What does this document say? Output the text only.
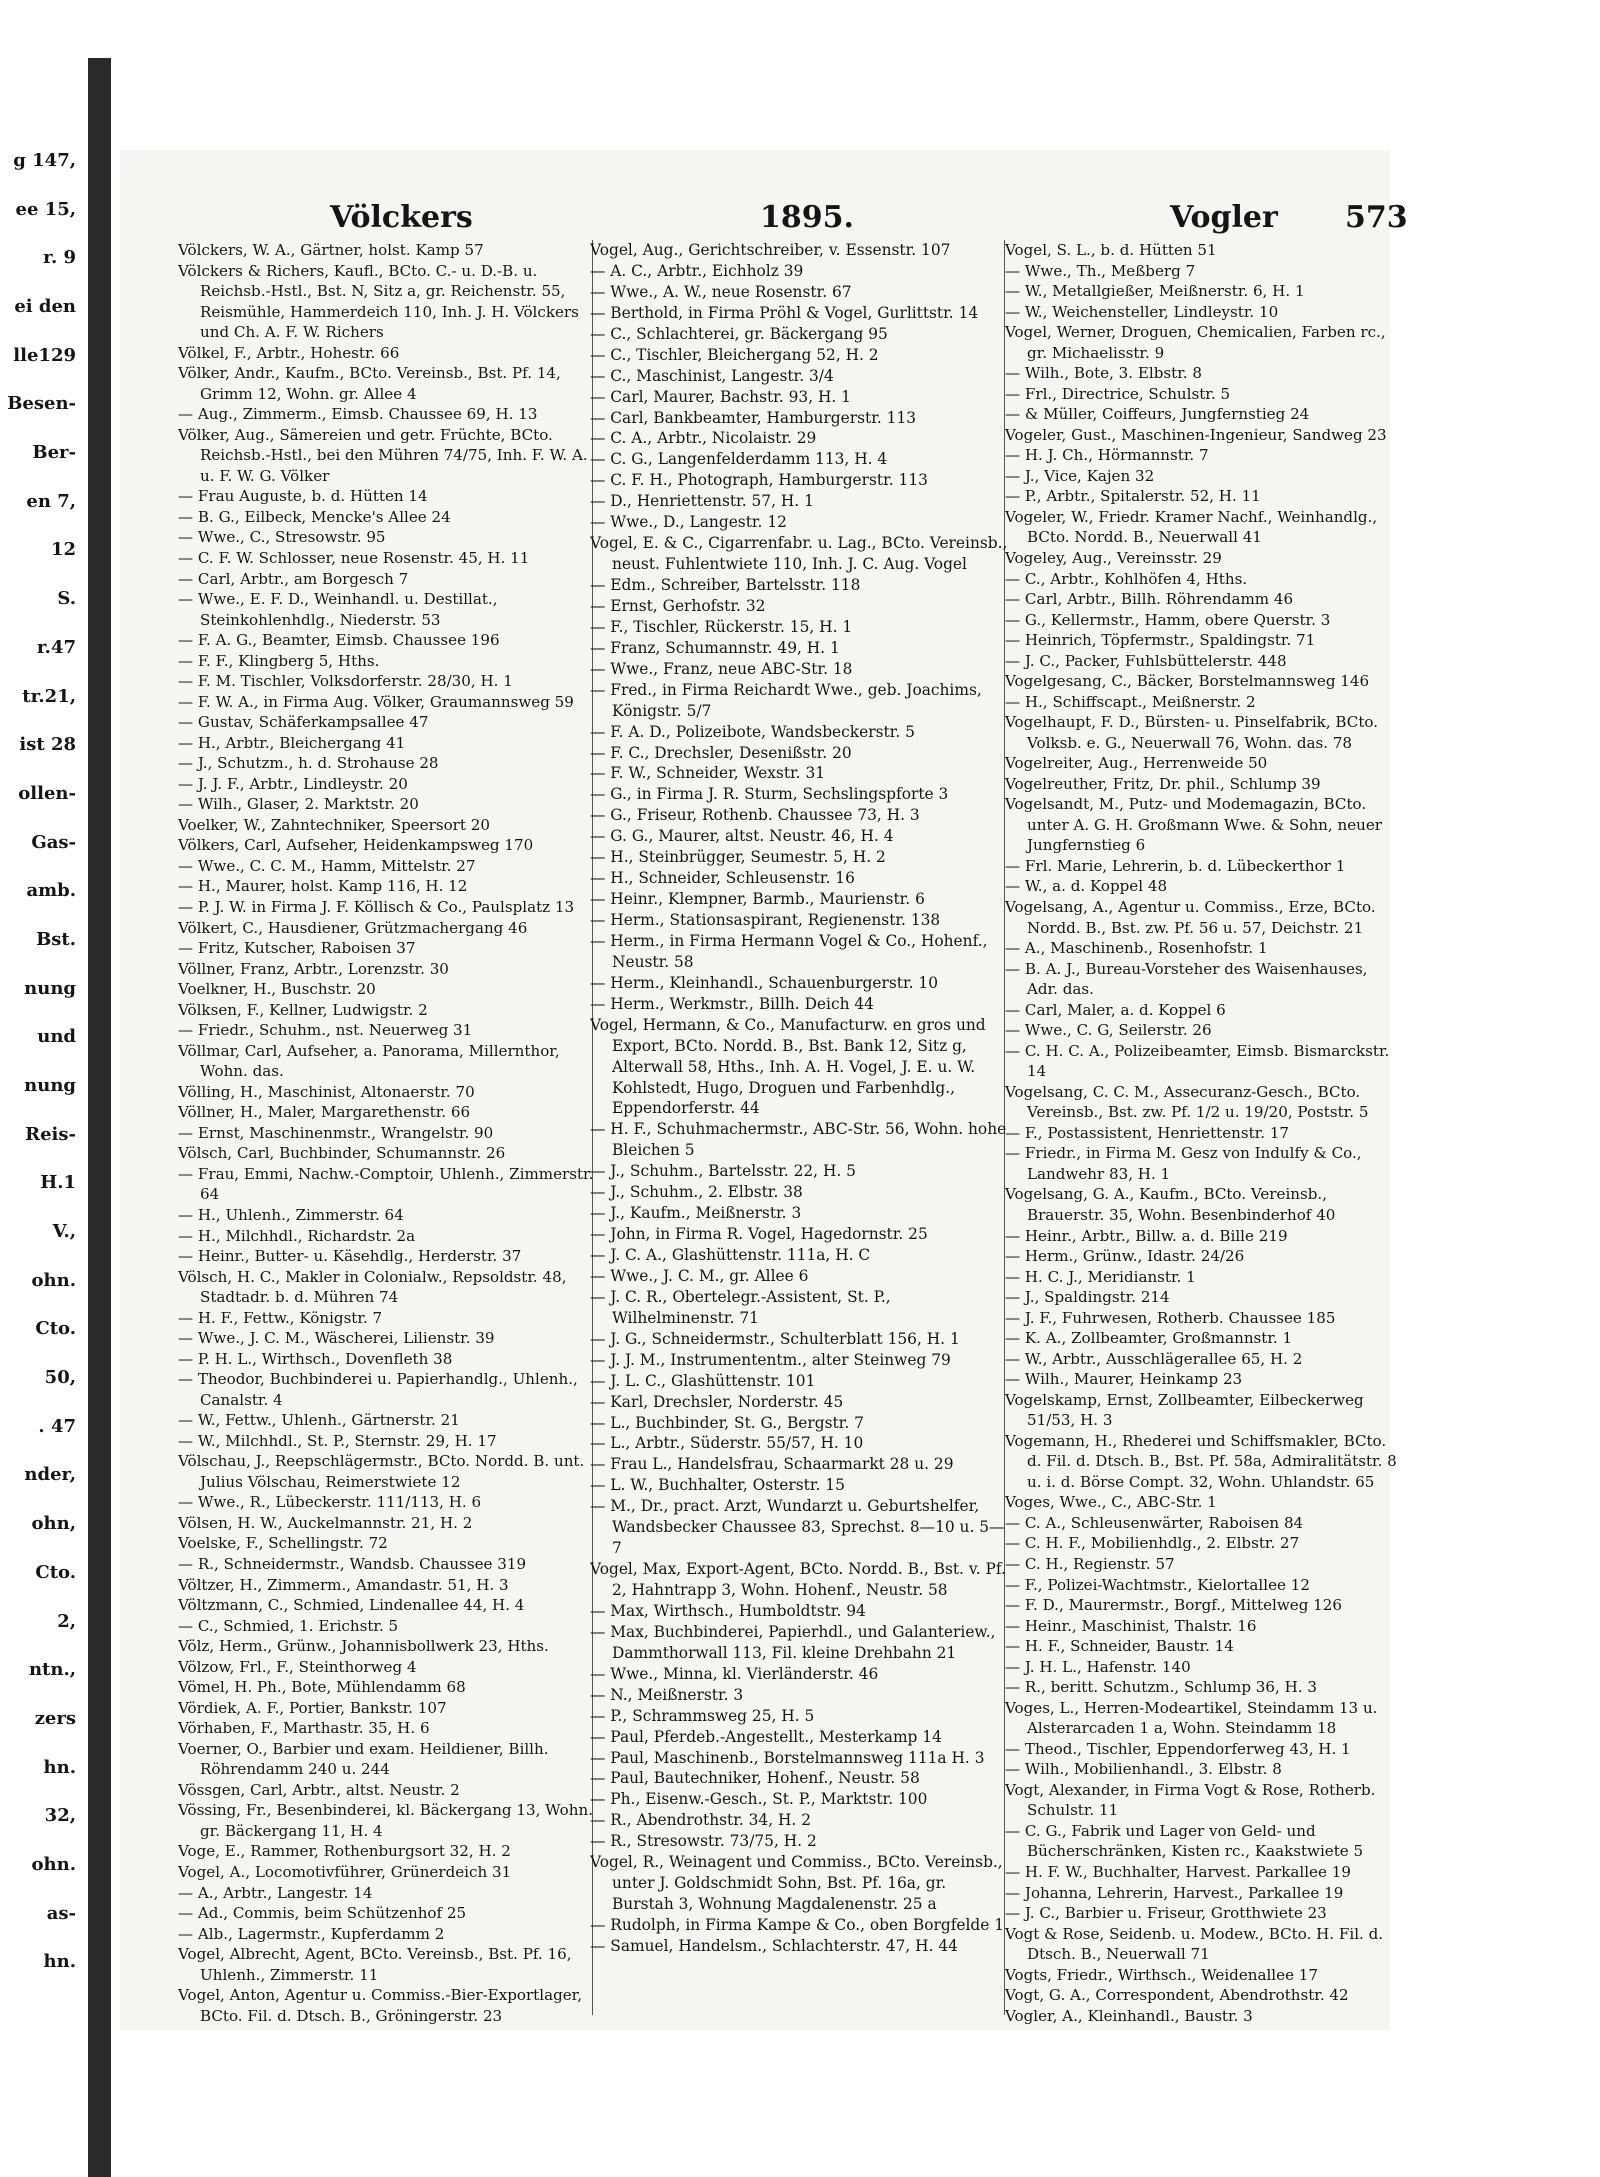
g 147,
ee 15,
r. 9
ei den
lle129
Besen-
Ber-
en 7,
12
S.
r.47
tr.21,
ist 28
ollen-
Gas-
amb.
Bst.
nung
und
nung
Reis-
H.1
V.,
ohn.
Cto.
50,
. 47
nder,
ohn,
Cto.
2,
ntn.,
zers
hn.
32,
ohn.
as-
hn.
Völckers	1895.	Vogler 573

Völckers, W. A., Gärtner, holst. Kamp 57

Völckers & Richers, Kaufl., BCto. C.- u. D.-B. u. Reichsb.-Hstl., Bst. N, Sitz a, gr. Reichenstr. 55, Reismühle, Hammerdeich 110, Inh. J. H. Völckers und Ch. A. F. W. Richers

Völkel, F., Arbtr., Hohestr. 66

Völker, Andr., Kaufm., BCto. Vereinsb., Bst. Pf. 14, Grimm 12, Wohn. gr. Allee 4

— Aug., Zimmerm., Eimsb. Chaussee 69, H. 13

Völker, Aug., Sämereien und getr. Früchte, BCto. Reichsb.-Hstl., bei den Mühren 74/75, Inh. F. W. A. u. F. W. G. Völker

— Frau Auguste, b. d. Hütten 14

— B. G., Eilbeck, Mencke's Allee 24

— Wwe., C., Stresowstr. 95

— C. F. W. Schlosser, neue Rosenstr. 45, H. 11

— Carl, Arbtr., am Borgesch 7

— Wwe., E. F. D., Weinhandl. u. Destillat., Steinkohlenhdlg., Niederstr. 53

— F. A. G., Beamter, Eimsb. Chaussee 196

— F. F., Klingberg 5, Hths.

— F. M. Tischler, Volksdorferstr. 28/30, H. 1

— F. W. A., in Firma Aug. Völker, Graumannsweg 59

— Gustav, Schäferkampsallee 47

— H., Arbtr., Bleichergang 41

— J., Schutzm., h. d. Strohause 28

— J. J. F., Arbtr., Lindleystr. 20

— Wilh., Glaser, 2. Marktstr. 20

Voelker, W., Zahntechniker, Speersort 20

Völkers, Carl, Aufseher, Heidenkampsweg 170

— Wwe., C. C. M., Hamm, Mittelstr. 27

— H., Maurer, holst. Kamp 116, H. 12

— P. J. W. in Firma J. F. Köllisch & Co., Paulsplatz 13

Völkert, C., Hausdiener, Grützmachergang 46

— Fritz, Kutscher, Raboisen 37

Völlner, Franz, Arbtr., Lorenzstr. 30

Voelkner, H., Buschstr. 20

Völksen, F., Kellner, Ludwigstr. 2

— Friedr., Schuhm., nst. Neuerweg 31

Völlmar, Carl, Aufseher, a. Panorama, Millernthor, Wohn. das.

Völling, H., Maschinist, Altonaerstr. 70

Völlner, H., Maler, Margarethenstr. 66

— Ernst, Maschinenmstr., Wrangelstr. 90

Völsch, Carl, Buchbinder, Schumannstr. 26

— Frau, Emmi, Nachw.-Comptoir, Uhlenh., Zimmerstr. 64

— H., Uhlenh., Zimmerstr. 64

— H., Milchhdl., Richardstr. 2a

— Heinr., Butter- u. Käsehdlg., Herderstr. 37

Völsch, H. C., Makler in Colonialw., Repsoldstr. 48, Stadtadr. b. d. Mühren 74

— H. F., Fettw., Königstr. 7

— Wwe., J. C. M., Wäscherei, Lilienstr. 39

— P. H. L., Wirthsch., Dovenfleth 38

— Theodor, Buchbinderei u. Papierhandlg., Uhlenh., Canalstr. 4

— W., Fettw., Uhlenh., Gärtnerstr. 21

— W., Milchhdl., St. P., Sternstr. 29, H. 17

Völschau, J., Reepschlägermstr., BCto. Nordd. B. unt. Julius Völschau, Reimerstwiete 12

— Wwe., R., Lübeckerstr. 111/113, H. 6

Völsen, H. W., Auckelmannstr. 21, H. 2

Voelske, F., Schellingstr. 72

— R., Schneidermstr., Wandsb. Chaussee 319

Völtzer, H., Zimmerm., Amandastr. 51, H. 3

Völtzmann, C., Schmied, Lindenallee 44, H. 4

— C., Schmied, 1. Erichstr. 5

Völz, Herm., Grünw., Johannisbollwerk 23, Hths.

Völzow, Frl., F., Steinthorweg 4

Vömel, H. Ph., Bote, Mühlendamm 68

Vördiek, A. F., Portier, Bankstr. 107

Vörhaben, F., Marthastr. 35, H. 6

Voerner, O., Barbier und exam. Heildiener, Billh. Röhrendamm 240 u. 244

Vössgen, Carl, Arbtr., altst. Neustr. 2

Vössing, Fr., Besenbinderei, kl. Bäckergang 13, Wohn. gr. Bäckergang 11, H. 4

Voge, E., Rammer, Rothenburgsort 32, H. 2

Vogel, A., Locomotivführer, Grünerdeich 31

— A., Arbtr., Langestr. 14

— Ad., Commis, beim Schützenhof 25

— Alb., Lagermstr., Kupferdamm 2

Vogel, Albrecht, Agent, BCto. Vereinsb., Bst. Pf. 16, Uhlenh., Zimmerstr. 11

Vogel, Anton, Agentur u. Commiss.-Bier-Exportlager, BCto. Fil. d. Dtsch. B., Gröningerstr. 23

Vogel, Aug., Gerichtschreiber, v. Essenstr. 107

— A. C., Arbtr., Eichholz 39

— Wwe., A. W., neue Rosenstr. 67

— Berthold, in Firma Pröhl & Vogel, Gurlittstr. 14

— C., Schlachterei, gr. Bäckergang 95

— C., Tischler, Bleichergang 52, H. 2

— C., Maschinist, Langestr. 3/4

— Carl, Maurer, Bachstr. 93, H. 1

— Carl, Bankbeamter, Hamburgerstr. 113

— C. A., Arbtr., Nicolaistr. 29

— C. G., Langenfelderdamm 113, H. 4

— C. F. H., Photograph, Hamburgerstr. 113

— D., Henriettenstr. 57, H. 1

— Wwe., D., Langestr. 12

Vogel, E. & C., Cigarrenfabr. u. Lag., BCto. Vereinsb., neust. Fuhlentwiete 110, Inh. J. C. Aug. Vogel

— Edm., Schreiber, Bartelsstr. 118

— Ernst, Gerhofstr. 32

— F., Tischler, Rückerstr. 15, H. 1

— Franz, Schumannstr. 49, H. 1

— Wwe., Franz, neue ABC-Str. 18

— Fred., in Firma Reichardt Wwe., geb. Joachims, Königstr. 5/7

— F. A. D., Polizeibote, Wandsbeckerstr. 5

— F. C., Drechsler, Desenißstr. 20

— F. W., Schneider, Wexstr. 31

— G., in Firma J. R. Sturm, Sechslingspforte 3

— G., Friseur, Rothenb. Chaussee 73, H. 3

— G. G., Maurer, altst. Neustr. 46, H. 4

— H., Steinbrügger, Seumestr. 5, H. 2

— H., Schneider, Schleusenstr. 16

— Heinr., Klempner, Barmb., Maurienstr. 6

— Herm., Stationsaspirant, Regienenstr. 138

— Herm., in Firma Hermann Vogel & Co., Hohenf., Neustr. 58

— Herm., Kleinhandl., Schauenburgerstr. 10

— Herm., Werkmstr., Billh. Deich 44

Vogel, Hermann, & Co., Manufacturw. en gros und Export, BCto. Nordd. B., Bst. Bank 12, Sitz g, Alterwall 58, Hths., Inh. A. H. Vogel, J. E. u. W. Kohlstedt, Hugo, Droguen und Farbenhdlg., Eppendorferstr. 44

— H. F., Schuhmachermstr., ABC-Str. 56, Wohn. hohe Bleichen 5

— J., Schuhm., Bartelsstr. 22, H. 5

— J., Schuhm., 2. Elbstr. 38

— J., Kaufm., Meißnerstr. 3

— John, in Firma R. Vogel, Hagedornstr. 25

— J. C. A., Glashüttenstr. 111a, H. C

— Wwe., J. C. M., gr. Allee 6

— J. C. R., Obertelegr.-Assistent, St. P., Wilhelminenstr. 71

— J. G., Schneidermstr., Schulterblatt 156, H. 1

— J. J. M., Instrumententm., alter Steinweg 79

— J. L. C., Glashüttenstr. 101

— Karl, Drechsler, Norderstr. 45

— L., Buchbinder, St. G., Bergstr. 7

— L., Arbtr., Süderstr. 55/57, H. 10

— Frau L., Handelsfrau, Schaarmarkt 28 u. 29

— L. W., Buchhalter, Osterstr. 15

— M., Dr., pract. Arzt, Wundarzt u. Geburtshelfer, Wandsbecker Chaussee 83, Sprechst. 8—10 u. 5—7

Vogel, Max, Export-Agent, BCto. Nordd. B., Bst. v. Pf. 2, Hahntrapp 3, Wohn. Hohenf., Neustr. 58

— Max, Wirthsch., Humboldtstr. 94

— Max, Buchbinderei, Papierhdl., und Galanteriew., Dammthorwall 113, Fil. kleine Drehbahn 21

— Wwe., Minna, kl. Vierländerstr. 46

— N., Meißnerstr. 3

— P., Schrammsweg 25, H. 5

— Paul, Pferdeb.-Angestellt., Mesterkamp 14

— Paul, Maschinenb., Borstelmannsweg 111a H. 3

— Paul, Bautechniker, Hohenf., Neustr. 58

— Ph., Eisenw.-Gesch., St. P., Marktstr. 100

— R., Abendrothstr. 34, H. 2

— R., Stresowstr. 73/75, H. 2

Vogel, R., Weinagent und Commiss., BCto. Vereinsb., unter J. Goldschmidt Sohn, Bst. Pf. 16a, gr. Burstah 3, Wohnung Magdalenenstr. 25 a

— Rudolph, in Firma Kampe & Co., oben Borgfelde 1

— Samuel, Handelsm., Schlachterstr. 47, H. 44

Vogel, S. L., b. d. Hütten 51

— Wwe., Th., Meßberg 7

— W., Metallgießer, Meißnerstr. 6, H. 1

— W., Weichensteller, Lindleystr. 10

Vogel, Werner, Droguen, Chemicalien, Farben rc., gr. Michaelisstr. 9

— Wilh., Bote, 3. Elbstr. 8

— Frl., Directrice, Schulstr. 5

— & Müller, Coiffeurs, Jungfernstieg 24

Vogeler, Gust., Maschinen-Ingenieur, Sandweg 23

— H. J. Ch., Hörmannstr. 7

— J., Vice, Kajen 32

— P., Arbtr., Spitalerstr. 52, H. 11

Vogeler, W., Friedr. Kramer Nachf., Weinhandlg., BCto. Nordd. B., Neuerwall 41

Vogeley, Aug., Vereinsstr. 29

— C., Arbtr., Kohlhöfen 4, Hths.

— Carl, Arbtr., Billh. Röhrendamm 46

— G., Kellermstr., Hamm, obere Querstr. 3

— Heinrich, Töpfermstr., Spaldingstr. 71

— J. C., Packer, Fuhlsbüttelerstr. 448

Vogelgesang, C., Bäcker, Borstelmannsweg 146

— H., Schiffscapt., Meißnerstr. 2

Vogelhaupt, F. D., Bürsten- u. Pinselfabrik, BCto. Volksb. e. G., Neuerwall 76, Wohn. das. 78

Vogelreiter, Aug., Herrenweide 50

Vogelreuther, Fritz, Dr. phil., Schlump 39

Vogelsandt, M., Putz- und Modemagazin, BCto. unter A. G. H. Großmann Wwe. & Sohn, neuer Jungfernstieg 6

— Frl. Marie, Lehrerin, b. d. Lübeckerthor 1

— W., a. d. Koppel 48

Vogelsang, A., Agentur u. Commiss., Erze, BCto. Nordd. B., Bst. zw. Pf. 56 u. 57, Deichstr. 21

— A., Maschinenb., Rosenhofstr. 1

— B. A. J., Bureau-Vorsteher des Waisenhauses, Adr. das.

— Carl, Maler, a. d. Koppel 6

— Wwe., C. G, Seilerstr. 26

— C. H. C. A., Polizeibeamter, Eimsb. Bismarckstr. 14

Vogelsang, C. C. M., Assecuranz-Gesch., BCto. Vereinsb., Bst. zw. Pf. 1/2 u. 19/20, Poststr. 5

— F., Postassistent, Henriettenstr. 17

— Friedr., in Firma M. Gesz von Indulfy & Co., Landwehr 83, H. 1

Vogelsang, G. A., Kaufm., BCto. Vereinsb., Brauerstr. 35, Wohn. Besenbinderhof 40

— Heinr., Arbtr., Billw. a. d. Bille 219

— Herm., Grünw., Idastr. 24/26

— H. C. J., Meridianstr. 1

— J., Spaldingstr. 214

— J. F., Fuhrwesen, Rotherb. Chaussee 185

— K. A., Zollbeamter, Großmannstr. 1

— W., Arbtr., Ausschlägerallee 65, H. 2

— Wilh., Maurer, Heinkamp 23

Vogelskamp, Ernst, Zollbeamter, Eilbeckerweg 51/53, H. 3

Vogemann, H., Rhederei und Schiffsmakler, BCto. d. Fil. d. Dtsch. B., Bst. Pf. 58a, Admiralitätstr. 8 u. i. d. Börse Compt. 32, Wohn. Uhlandstr. 65

Voges, Wwe., C., ABC-Str. 1

— C. A., Schleusenwärter, Raboisen 84

— C. H. F., Mobilienhdlg., 2. Elbstr. 27

— C. H., Regienstr. 57

— F., Polizei-Wachtmstr., Kielortallee 12

— F. D., Maurermstr., Borgf., Mittelweg 126

— Heinr., Maschinist, Thalstr. 16

— H. F., Schneider, Baustr. 14

— J. H. L., Hafenstr. 140

— R., beritt. Schutzm., Schlump 36, H. 3

Voges, L., Herren-Modeartikel, Steindamm 13 u. Alsterarcaden 1 a, Wohn. Steindamm 18

— Theod., Tischler, Eppendorferweg 43, H. 1

— Wilh., Mobilienhandl., 3. Elbstr. 8

Vogt, Alexander, in Firma Vogt & Rose, Rotherb. Schulstr. 11

— C. G., Fabrik und Lager von Geld- und Bücherschränken, Kisten rc., Kaakstwiete 5

— H. F. W., Buchhalter, Harvest. Parkallee 19

— Johanna, Lehrerin, Harvest., Parkallee 19

— J. C., Barbier u. Friseur, Grotthwiete 23

Vogt & Rose, Seidenb. u. Modew., BCto. H. Fil. d. Dtsch. B., Neuerwall 71

Vogts, Friedr., Wirthsch., Weidenallee 17

Vogt, G. A., Correspondent, Abendrothstr. 42

Vogler, A., Kleinhandl., Baustr. 3
